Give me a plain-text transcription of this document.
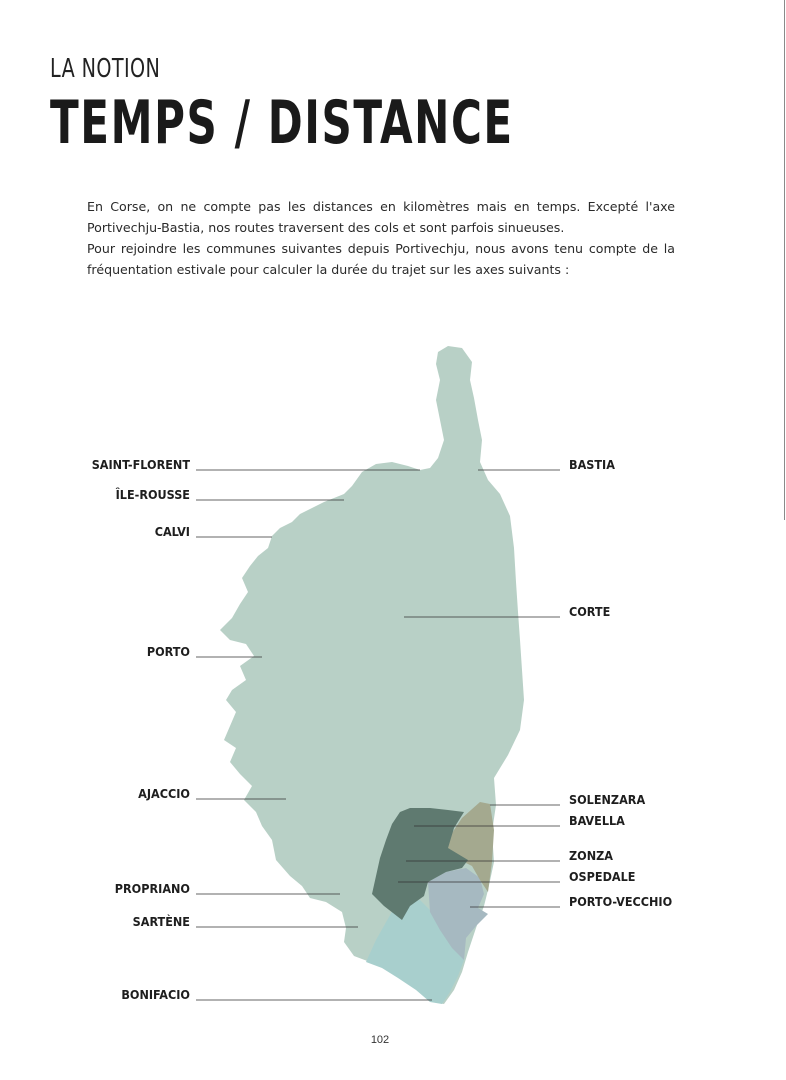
LA NOTION
TEMPS / DISTANCE

En Corse, on ne compte pas les distances en kilomètres mais en temps. Excepté l'axe Portivechju-Bastia, nos routes traversent des cols et sont parfois sinueuses.

Pour rejoindre les communes suivantes depuis Portivechju, nous avons tenu compte de la fréquentation estivale pour calculer la durée du trajet sur les axes suivants :

SAINT-FLORENT
ÎLE-ROUSSE
CALVI
PORTO
AJACCIO
PROPRIANO
SARTÈNE
BONIFACIO
BASTIA
CORTE
SOLENZARA
BAVELLA
ZONZA
OSPEDALE
PORTO-VECCHIO
102
